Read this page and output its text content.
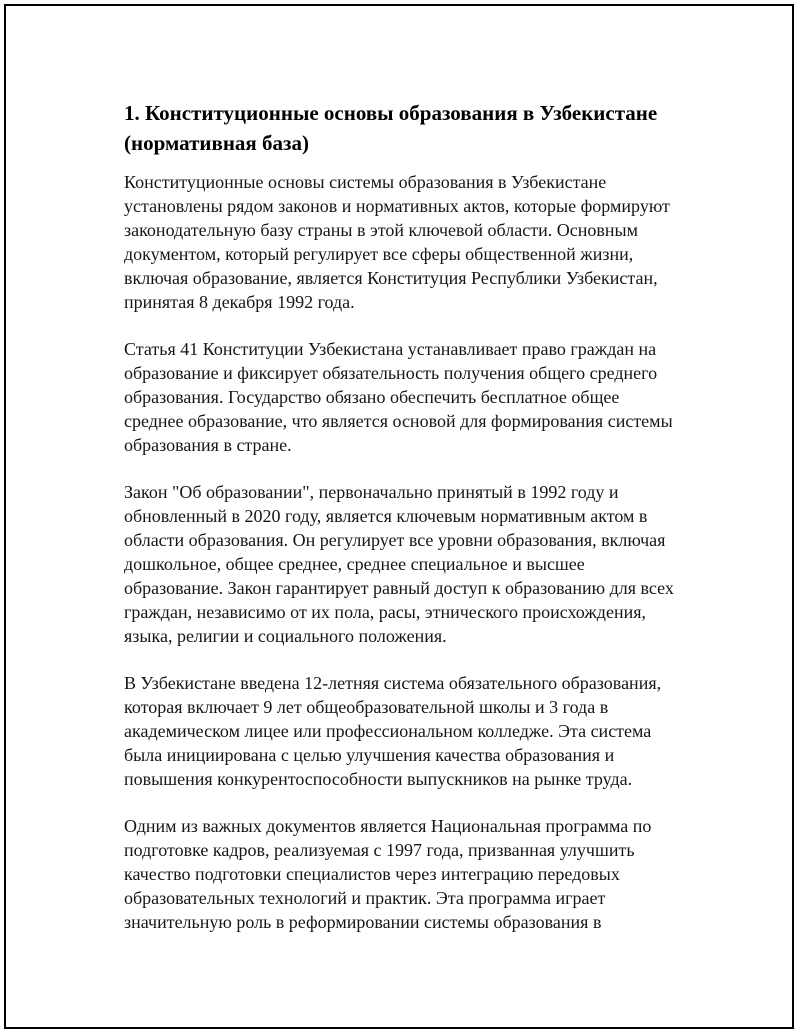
1. Конституционные основы образования в Узбекистане
(нормативная база)

Конституционные основы системы образования в Узбекистане
установлены рядом законов и нормативных актов, которые формируют
законодательную базу страны в этой ключевой области. Основным
документом, который регулирует все сферы общественной жизни,
включая образование, является Конституция Республики Узбекистан,
принятая 8 декабря 1992 года.

Статья 41 Конституции Узбекистана устанавливает право граждан на
образование и фиксирует обязательность получения общего среднего
образования. Государство обязано обеспечить бесплатное общее
среднее образование, что является основой для формирования системы
образования в стране.

Закон "Об образовании", первоначально принятый в 1992 году и
обновленный в 2020 году, является ключевым нормативным актом в
области образования. Он регулирует все уровни образования, включая
дошкольное, общее среднее, среднее специальное и высшее
образование. Закон гарантирует равный доступ к образованию для всех
граждан, независимо от их пола, расы, этнического происхождения,
языка, религии и социального положения.

В Узбекистане введена 12-летняя система обязательного образования,
которая включает 9 лет общеобразовательной школы и 3 года в
академическом лицее или профессиональном колледже. Эта система
была инициирована с целью улучшения качества образования и
повышения конкурентоспособности выпускников на рынке труда.

Одним из важных документов является Национальная программа по
подготовке кадров, реализуемая с 1997 года, призванная улучшить
качество подготовки специалистов через интеграцию передовых
образовательных технологий и практик. Эта программа играет
значительную роль в реформировании системы образования в
